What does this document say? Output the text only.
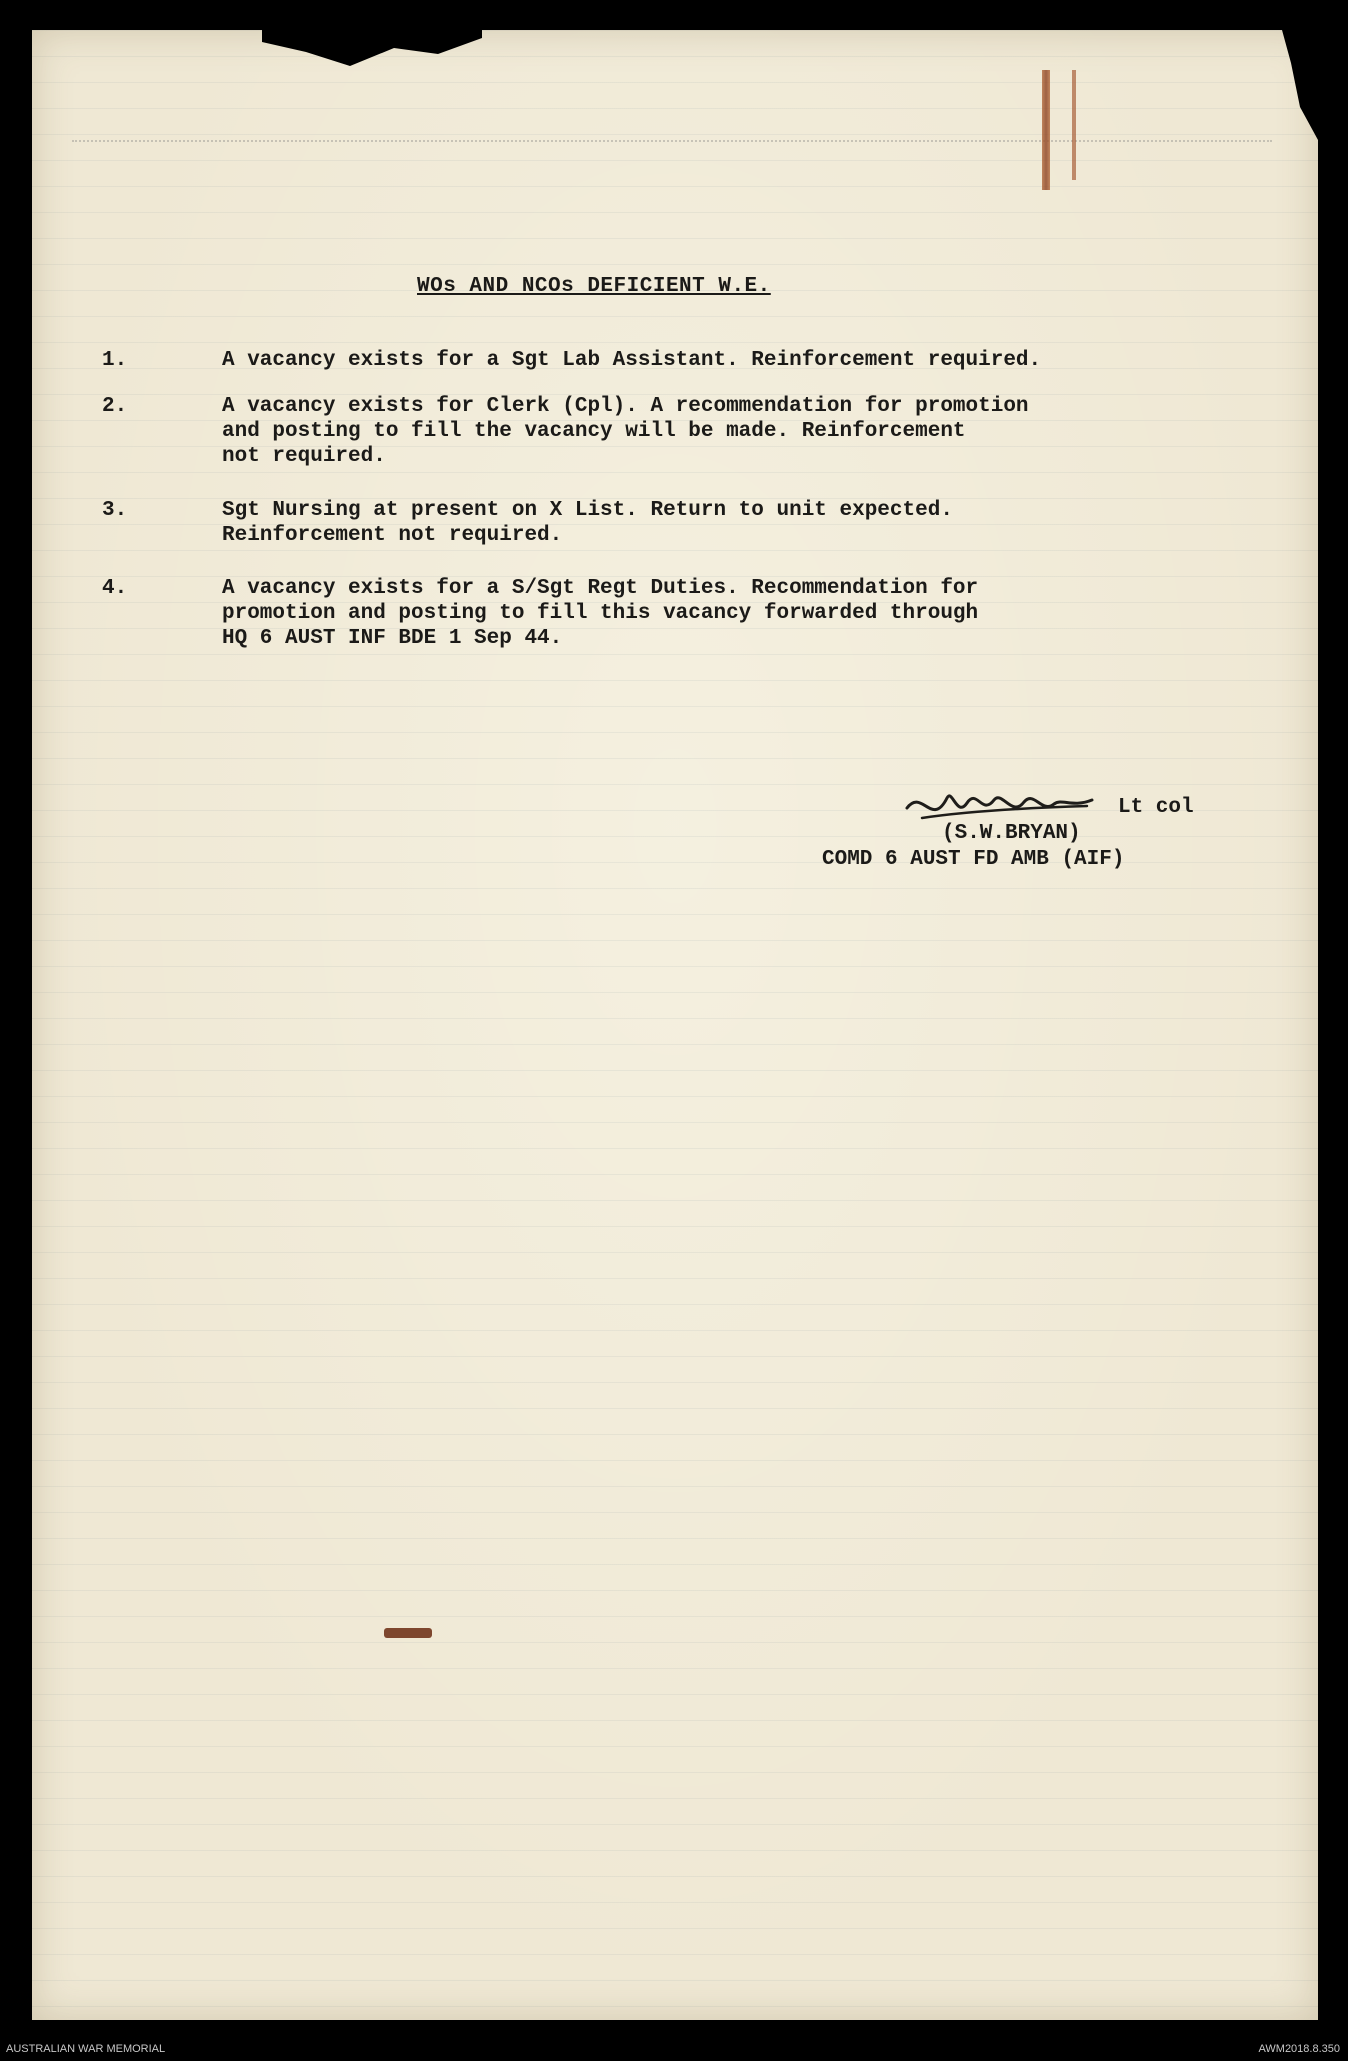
WOs AND NCOs DEFICIENT W.E.
1.	A vacancy exists for a Sgt Lab Assistant. Reinforcement required.
2.	A vacancy exists for Clerk (Cpl). A recommendation for promotion
and posting to fill the vacancy will be made. Reinforcement
not required.
3.	Sgt Nursing at present on X List. Return to unit expected.
Reinforcement not required.
4.	A vacancy exists for a S/Sgt Regt Duties. Recommendation for
promotion and posting to fill this vacancy forwarded through
HQ 6 AUST INF BDE 1 Sep 44.
Lt col
(S.W.BRYAN)
COMD 6 AUST FD AMB (AIF)
AUSTRALIAN WAR MEMORIAL	AWM2018.8.350
